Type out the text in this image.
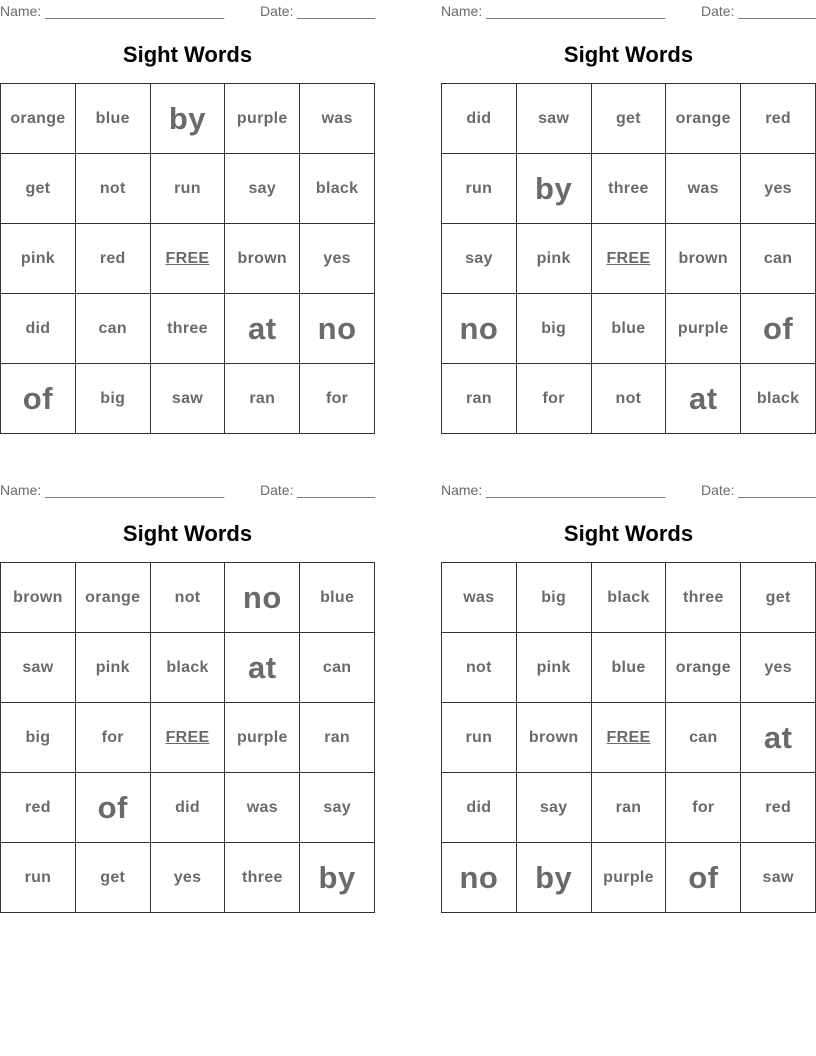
Name: _______________________	Date: __________
Sight Words
orange	blue	by	purple	was
get	not	run	say	black
pink	red	FREE	brown	yes
did	can	three	at	no
of	big	saw	ran	for
Name: _______________________	Date: __________
Sight Words
did	saw	get	orange	red
run	by	three	was	yes
say	pink	FREE	brown	can
no	big	blue	purple	of
ran	for	not	at	black
Name: _______________________	Date: __________
Sight Words
brown	orange	not	no	blue
saw	pink	black	at	can
big	for	FREE	purple	ran
red	of	did	was	say
run	get	yes	three	by
Name: _______________________	Date: __________
Sight Words
was	big	black	three	get
not	pink	blue	orange	yes
run	brown	FREE	can	at
did	say	ran	for	red
no	by	purple	of	saw
